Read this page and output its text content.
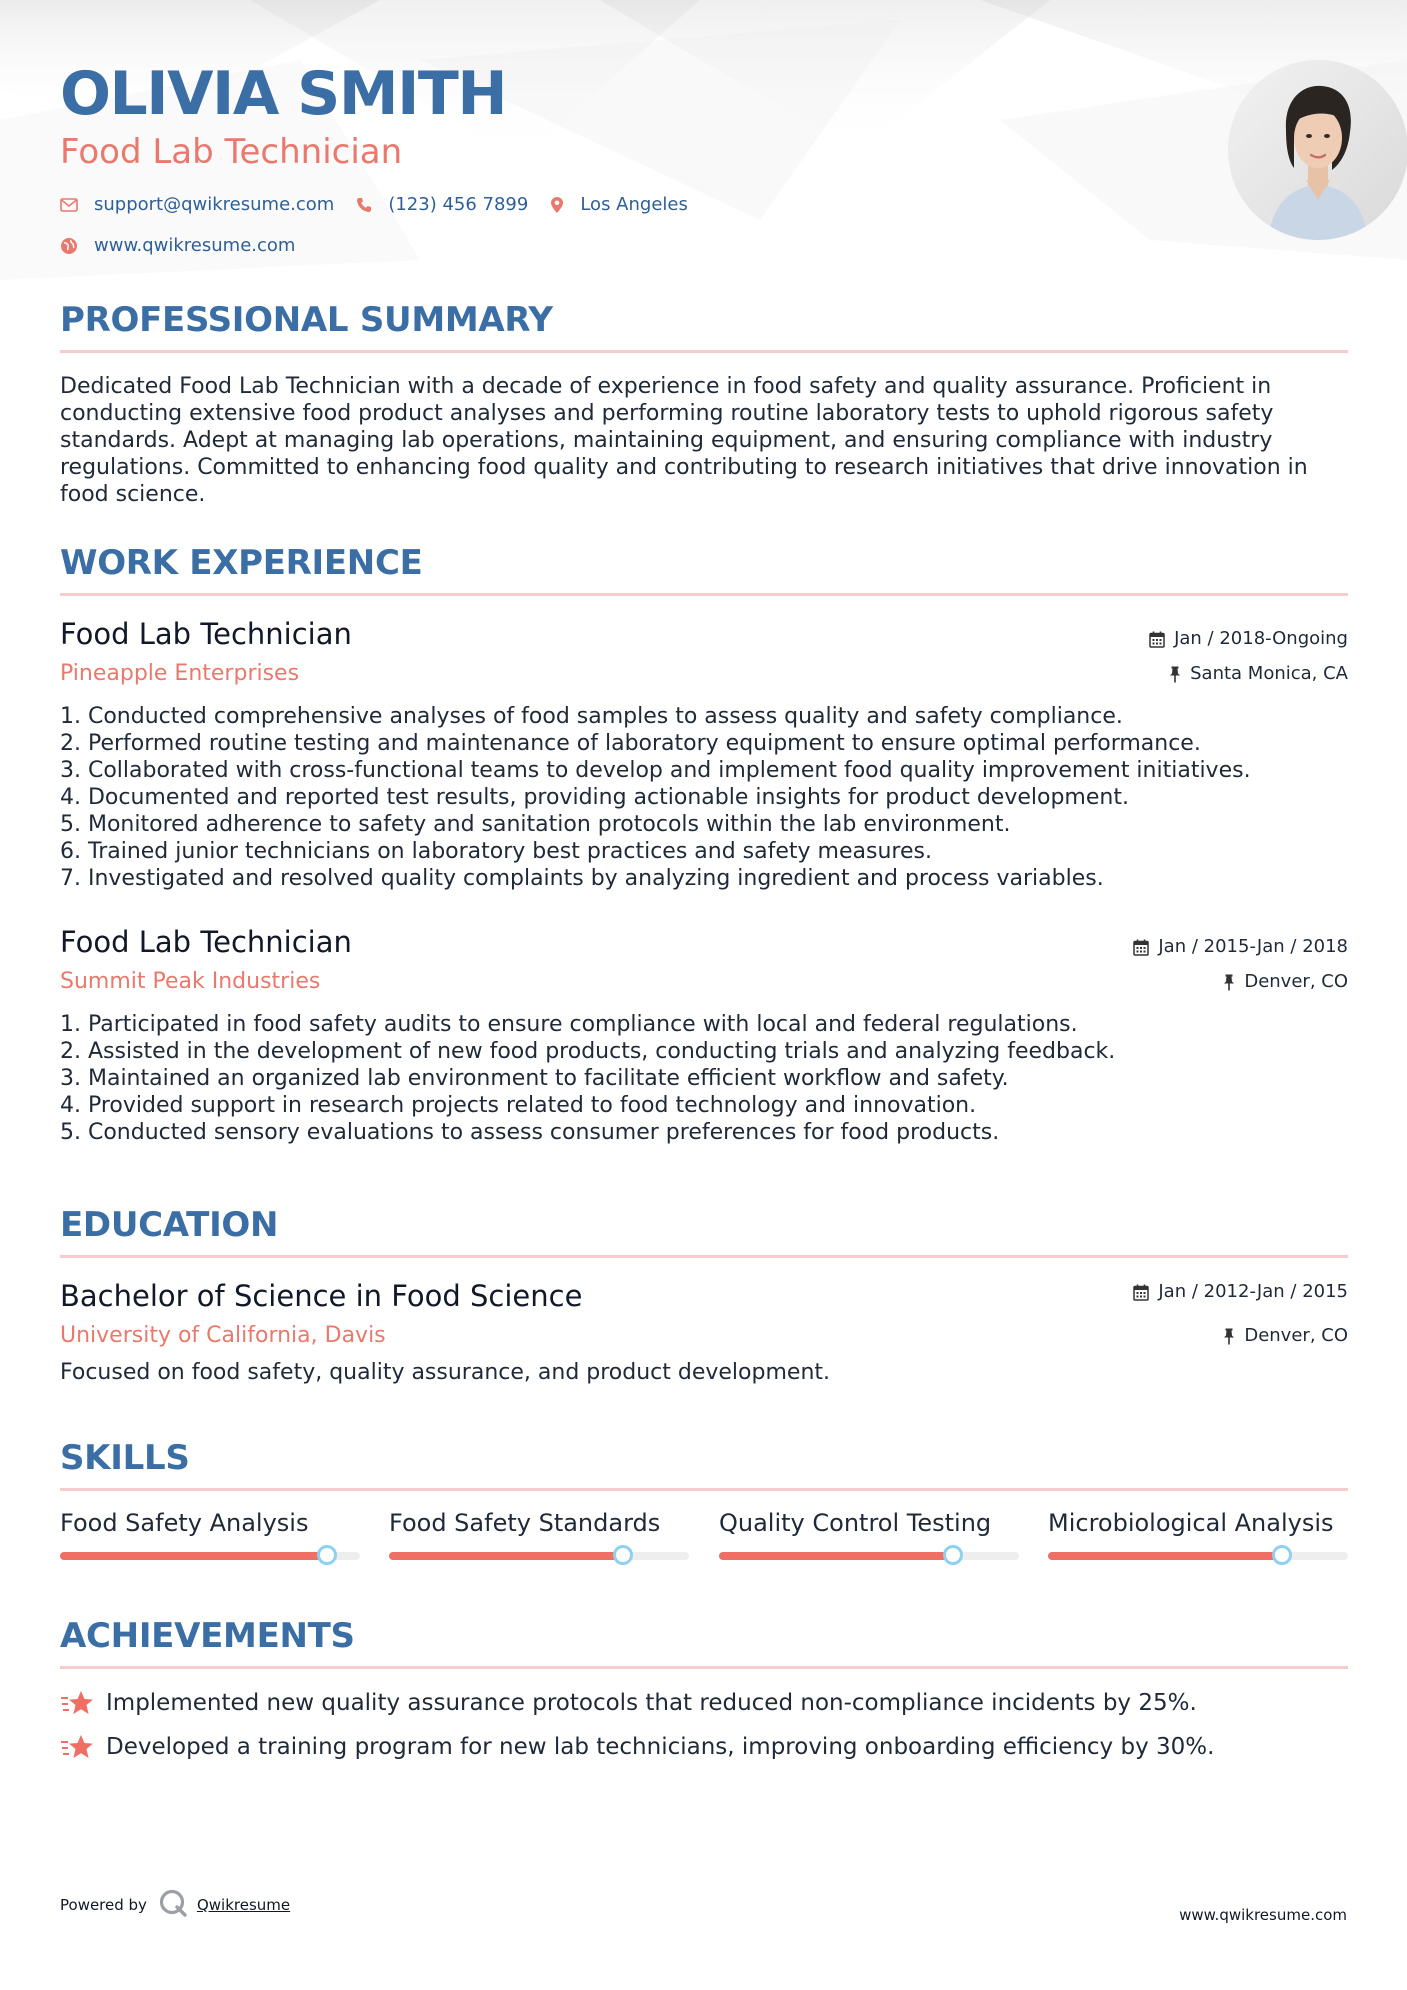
OLIVIA SMITH
Food Lab Technician
support@qwikresume.com	(123) 456 7899	Los Angeles
www.qwikresume.com
PROFESSIONAL SUMMARY
Dedicated Food Lab Technician with a decade of experience in food safety and quality assurance. Proficient in conducting extensive food product analyses and performing routine laboratory tests to uphold rigorous safety standards. Adept at managing lab operations, maintaining equipment, and ensuring compliance with industry regulations. Committed to enhancing food quality and contributing to research initiatives that drive innovation in food science.
WORK EXPERIENCE
Food Lab Technician
Pineapple Enterprises
Jan / 2018-Ongoing
Santa Monica, CA
1. Conducted comprehensive analyses of food samples to assess quality and safety compliance.
2. Performed routine testing and maintenance of laboratory equipment to ensure optimal performance.
3. Collaborated with cross-functional teams to develop and implement food quality improvement initiatives.
4. Documented and reported test results, providing actionable insights for product development.
5. Monitored adherence to safety and sanitation protocols within the lab environment.
6. Trained junior technicians on laboratory best practices and safety measures.
7. Investigated and resolved quality complaints by analyzing ingredient and process variables.
Food Lab Technician
Summit Peak Industries
Jan / 2015-Jan / 2018
Denver, CO
1. Participated in food safety audits to ensure compliance with local and federal regulations.
2. Assisted in the development of new food products, conducting trials and analyzing feedback.
3. Maintained an organized lab environment to facilitate efficient workflow and safety.
4. Provided support in research projects related to food technology and innovation.
5. Conducted sensory evaluations to assess consumer preferences for food products.
EDUCATION
Bachelor of Science in Food Science
University of California, Davis
Jan / 2012-Jan / 2015
Denver, CO
Focused on food safety, quality assurance, and product development.
SKILLS
Food Safety Analysis	Food Safety Standards	Quality Control Testing	Microbiological Analysis
ACHIEVEMENTS
Implemented new quality assurance protocols that reduced non-compliance incidents by 25%.
Developed a training program for new lab technicians, improving onboarding efficiency by 30%.
Powered by	Qwikresume
www.qwikresume.com
